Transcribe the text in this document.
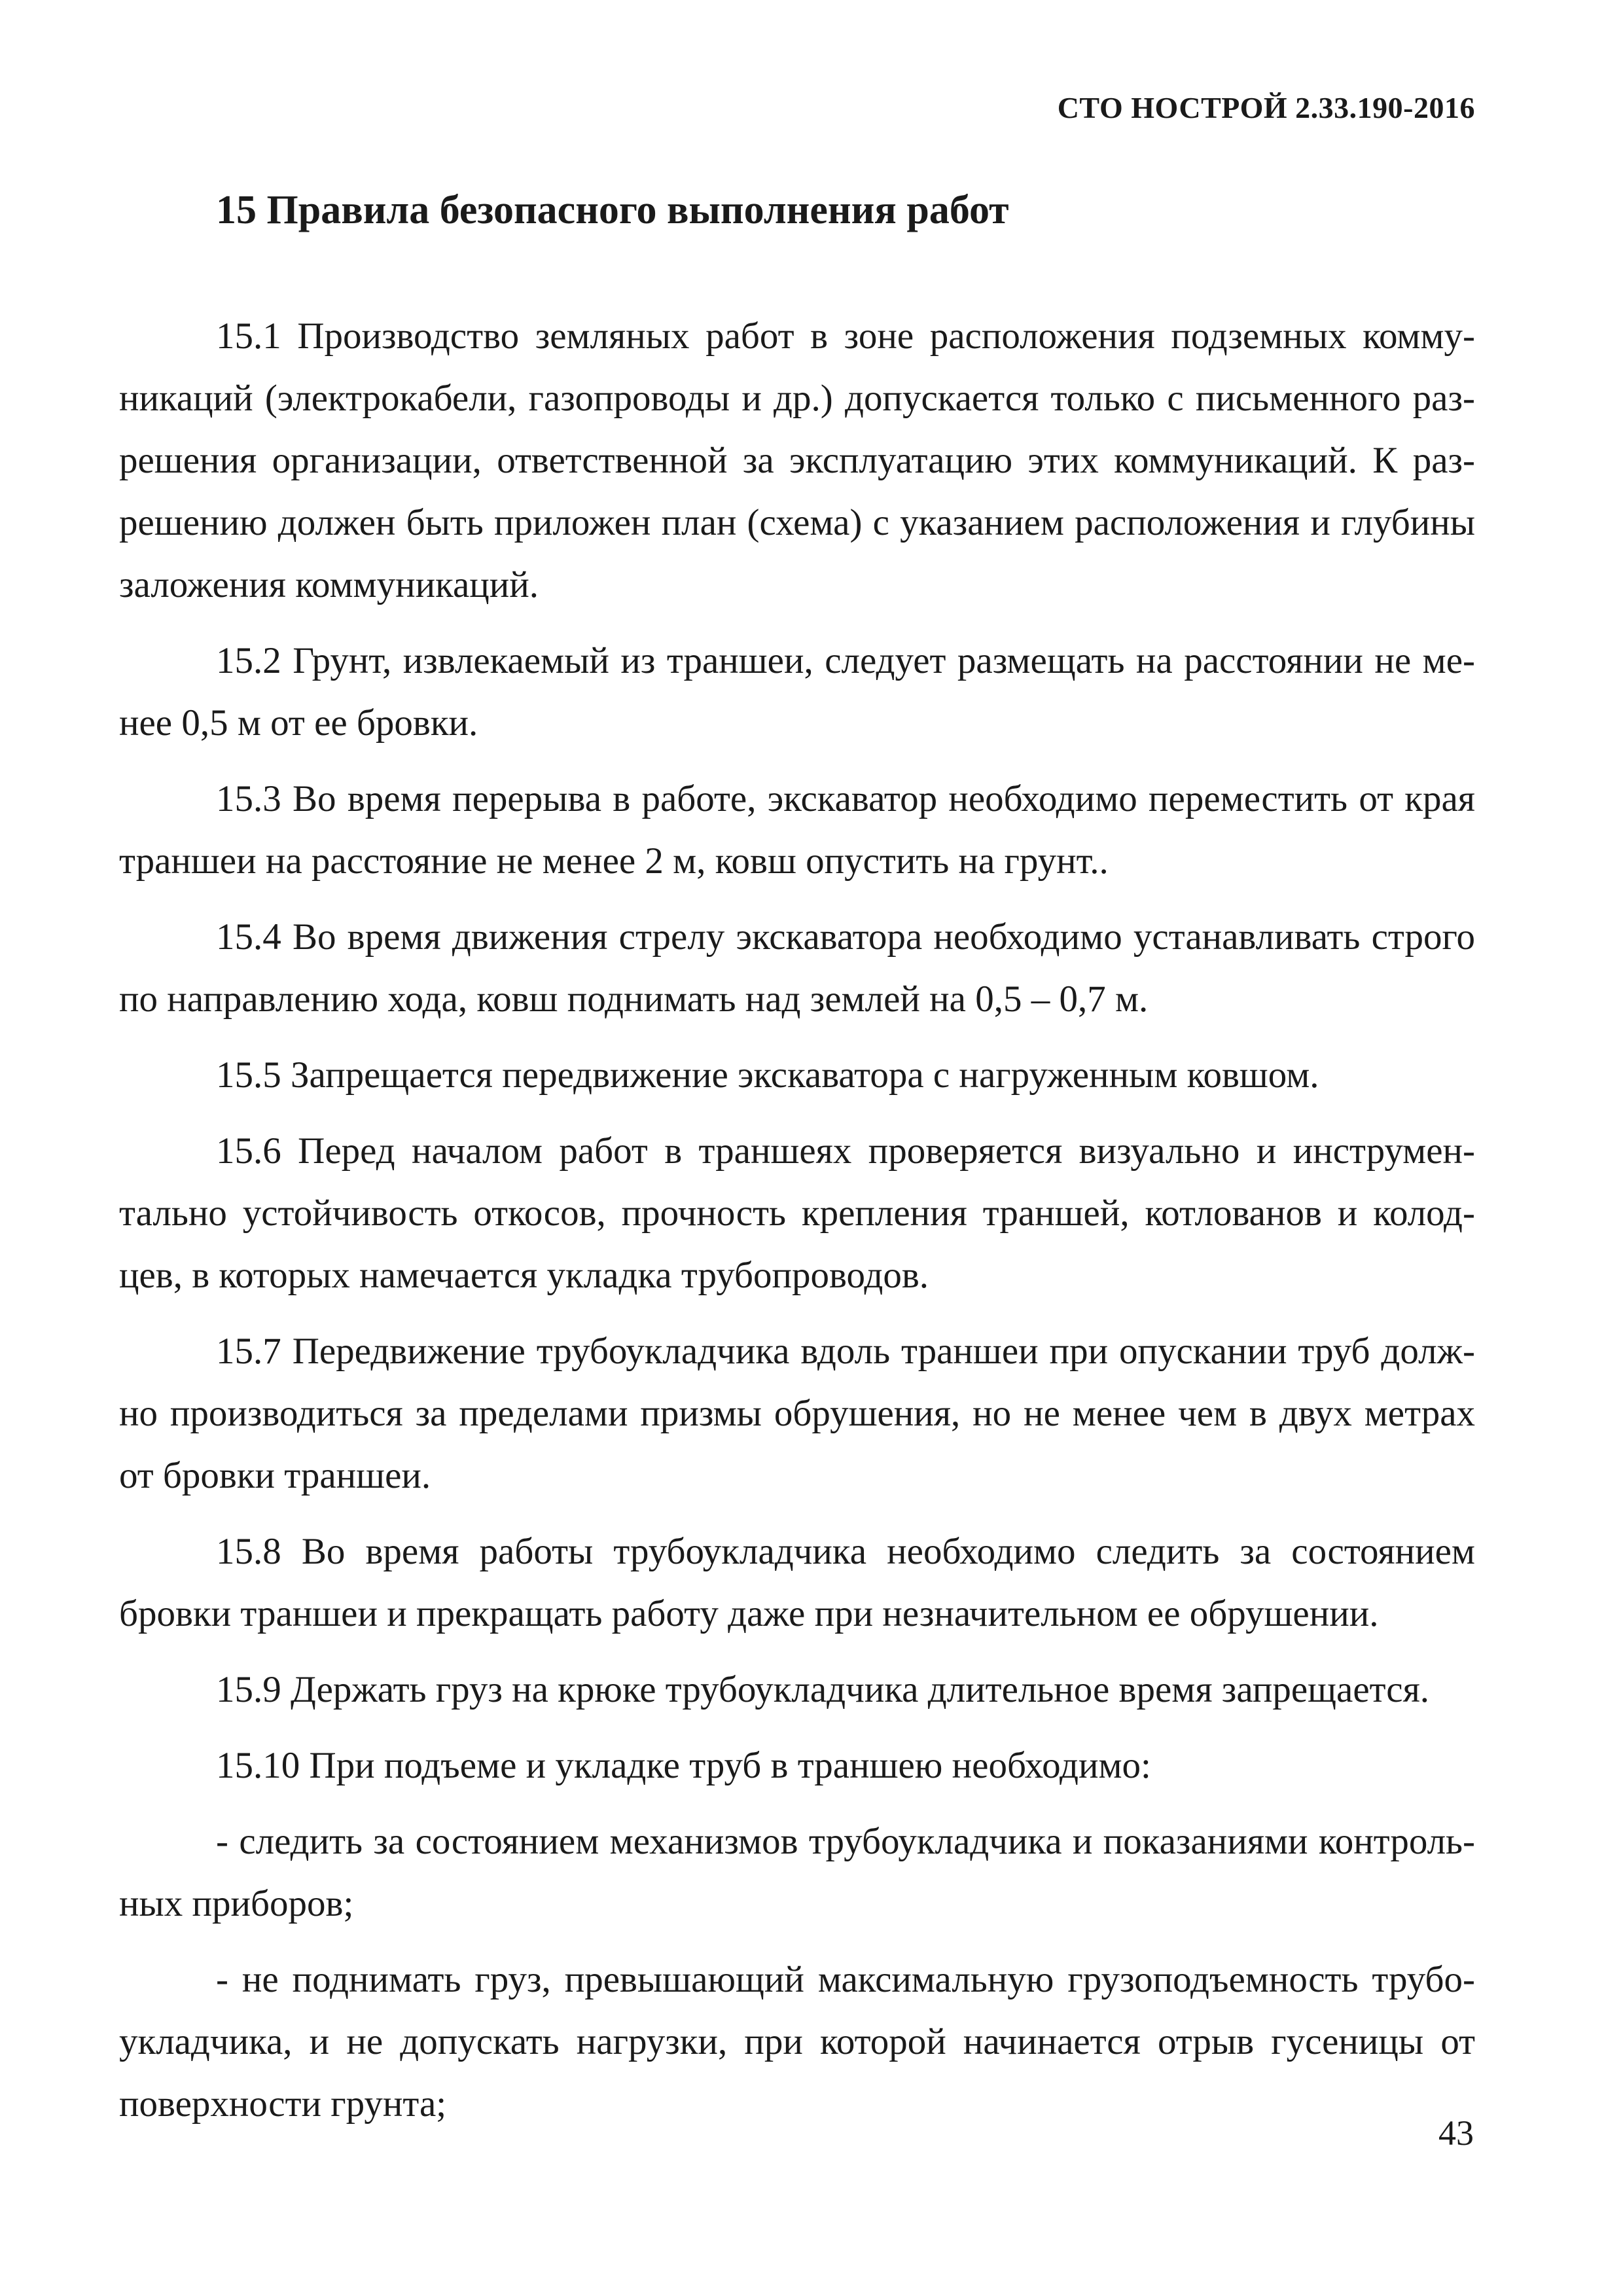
СТО НОСТРОЙ 2.33.190-2016
15 Правила безопасного выполнения работ

15.1 Производство земляных работ в зоне расположения подземных коммуникаций (электрокабели, газопроводы и др.) допускается только с письменного разрешения организации, ответственной за эксплуатацию этих коммуникаций. К разрешению должен быть приложен план (схема) с указанием расположения и глубины заложения коммуникаций.

15.2 Грунт, извлекаемый из траншеи, следует размещать на расстоянии не менее 0,5 м от ее бровки.

15.3 Во время перерыва в работе, экскаватор необходимо переместить от края траншеи на расстояние не менее 2 м, ковш опустить на грунт..

15.4 Во время движения стрелу экскаватора необходимо устанавливать строго по направлению хода, ковш поднимать над землей на 0,5 – 0,7 м.

15.5 Запрещается передвижение экскаватора с нагруженным ковшом.

15.6 Перед началом работ в траншеях проверяется визуально и инструментально устойчивость откосов, прочность крепления траншей, котлованов и колодцев, в которых намечается укладка трубопроводов.

15.7 Передвижение трубоукладчика вдоль траншеи при опускании труб должно производиться за пределами призмы обрушения, но не менее чем в двух метрах от бровки траншеи.

15.8 Во время работы трубоукладчика необходимо следить за состоянием бровки траншеи и прекращать работу даже при незначительном ее обрушении.

15.9 Держать груз на крюке трубоукладчика длительное время запрещается.

15.10 При подъеме и укладке труб в траншею необходимо:

- следить за состоянием механизмов трубоукладчика и показаниями контрольных приборов;

- не поднимать груз, превышающий максимальную грузоподъемность трубоукладчика, и не допускать нагрузки, при которой начинается отрыв гусеницы от поверхности грунта;

43
